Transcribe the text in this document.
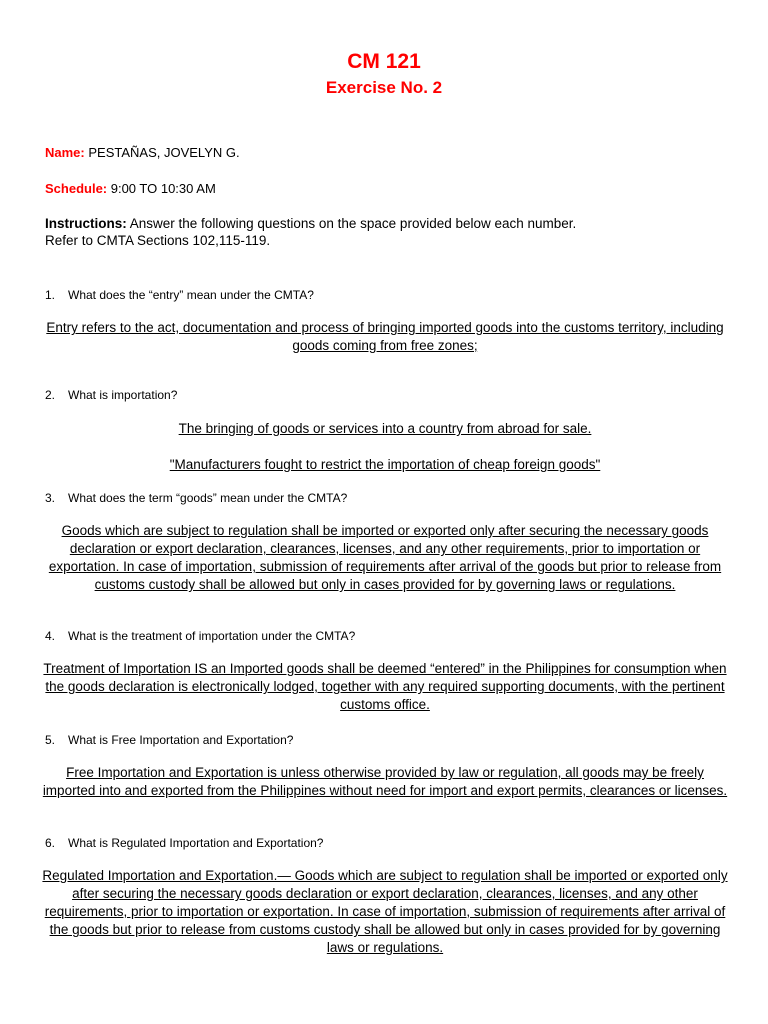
CM 121
Exercise No. 2
Name: PESTAÑAS, JOVELYN G.
Schedule: 9:00 TO 10:30 AM
Instructions: Answer the following questions on the space provided below each number.
Refer to CMTA Sections 102,115-119.
1. What does the “entry” mean under the CMTA?
Entry refers to the act, documentation and process of bringing imported goods into the customs territory, including goods coming from free zones;
2. What is importation?
The bringing of goods or services into a country from abroad for sale.
"Manufacturers fought to restrict the importation of cheap foreign goods"
3. What does the term “goods” mean under the CMTA?
Goods which are subject to regulation shall be imported or exported only after securing the necessary goods declaration or export declaration, clearances, licenses, and any other requirements, prior to importation or exportation. In case of importation, submission of requirements after arrival of the goods but prior to release from customs custody shall be allowed but only in cases provided for by governing laws or regulations.
4. What is the treatment of importation under the CMTA?
Treatment of Importation IS an Imported goods shall be deemed “entered” in the Philippines for consumption when the goods declaration is electronically lodged, together with any required supporting documents, with the pertinent customs office.
5. What is Free Importation and Exportation?
Free Importation and Exportation is unless otherwise provided by law or regulation, all goods may be freely imported into and exported from the Philippines without need for import and export permits, clearances or licenses.
6. What is Regulated Importation and Exportation?
Regulated Importation and Exportation.— Goods which are subject to regulation shall be imported or exported only after securing the necessary goods declaration or export declaration, clearances, licenses, and any other requirements, prior to importation or exportation. In case of importation, submission of requirements after arrival of the goods but prior to release from customs custody shall be allowed but only in cases provided for by governing laws or regulations.
